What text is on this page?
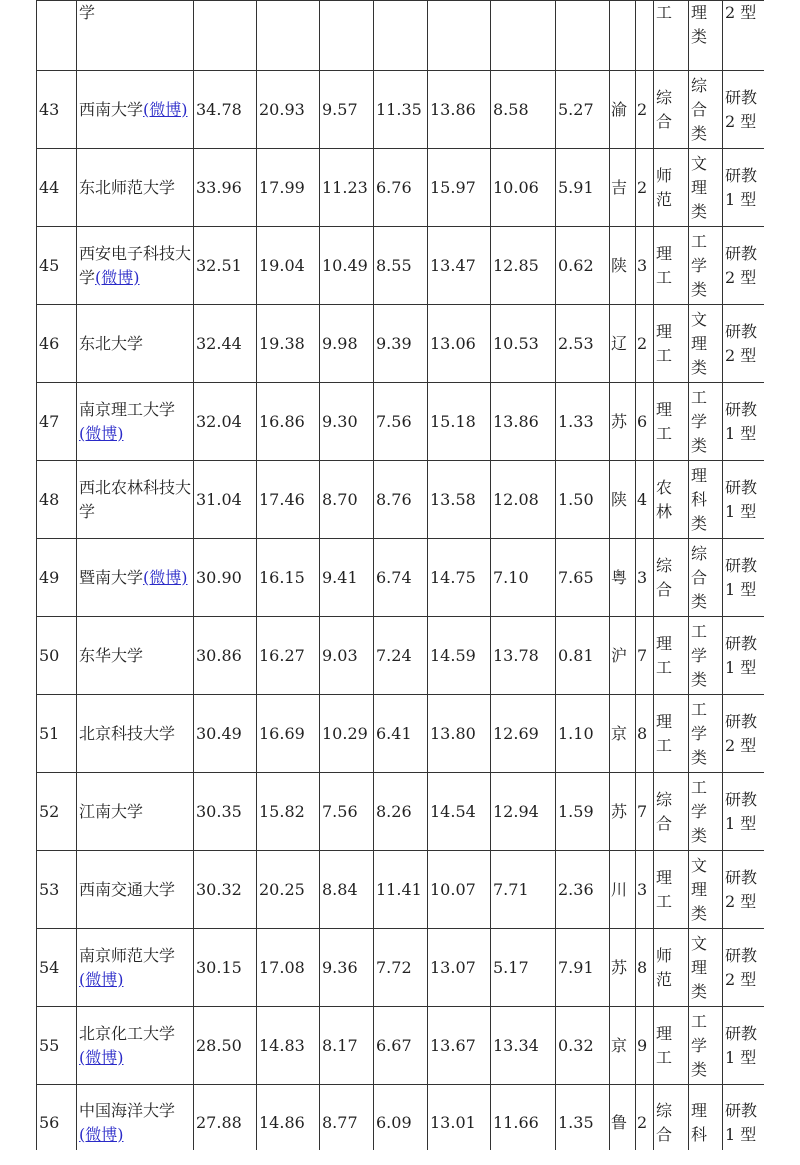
	学										工	理类	2 型
43	西南大学(微博)	34.78	20.93	9.57	11.35	13.86	8.58	5.27	渝	2	综合	综合类	研教2 型
44	东北师范大学	33.96	17.99	11.23	6.76	15.97	10.06	5.91	吉	2	师范	文理类	研教1 型
45	西安电子科技大学(微博)	32.51	19.04	10.49	8.55	13.47	12.85	0.62	陕	3	理工	工学类	研教2 型
46	东北大学	32.44	19.38	9.98	9.39	13.06	10.53	2.53	辽	2	理工	文理类	研教2 型
47	南京理工大学(微博)	32.04	16.86	9.30	7.56	15.18	13.86	1.33	苏	6	理工	工学类	研教1 型
48	西北农林科技大学	31.04	17.46	8.70	8.76	13.58	12.08	1.50	陕	4	农林	理科类	研教1 型
49	暨南大学(微博)	30.90	16.15	9.41	6.74	14.75	7.10	7.65	粤	3	综合	综合类	研教1 型
50	东华大学	30.86	16.27	9.03	7.24	14.59	13.78	0.81	沪	7	理工	工学类	研教1 型
51	北京科技大学	30.49	16.69	10.29	6.41	13.80	12.69	1.10	京	8	理工	工学类	研教2 型
52	江南大学	30.35	15.82	7.56	8.26	14.54	12.94	1.59	苏	7	综合	工学类	研教1 型
53	西南交通大学	30.32	20.25	8.84	11.41	10.07	7.71	2.36	川	3	理工	文理类	研教2 型
54	南京师范大学(微博)	30.15	17.08	9.36	7.72	13.07	5.17	7.91	苏	8	师范	文理类	研教2 型
55	北京化工大学(微博)	28.50	14.83	8.17	6.67	13.67	13.34	0.32	京	9	理工	工学类	研教1 型
56	中国海洋大学(微博)	27.88	14.86	8.77	6.09	13.01	11.66	1.35	鲁	2	综合	理科	研教1 型
